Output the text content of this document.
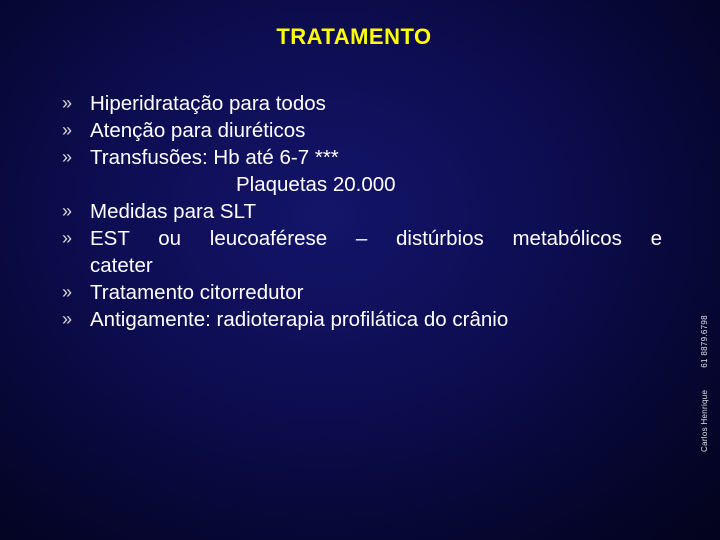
TRATAMENTO
» Hiperidratação para todos
» Atenção para diuréticos
» Transfusões: Hb até 6-7 ***
Plaquetas 20.000
» Medidas para SLT
» EST ou leucoaférese – distúrbios metabólicos e
cateter
» Tratamento citorredutor
» Antigamente: radioterapia profilática do crânio
Carlos Henrique61 8879.6798
